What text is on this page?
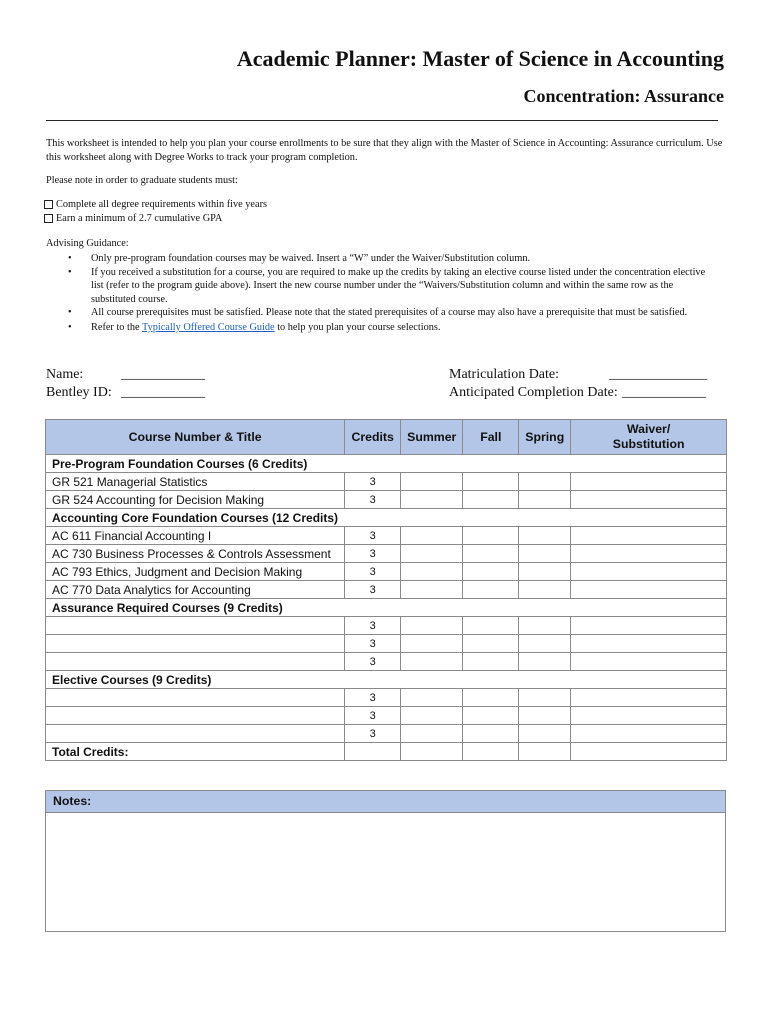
Academic Planner: Master of Science in Accounting
Concentration: Assurance
This worksheet is intended to help you plan your course enrollments to be sure that they align with the Master of Science in Accounting: Assurance curriculum. Use this worksheet along with Degree Works to track your program completion.
Please note in order to graduate students must:
Complete all degree requirements within five years
Earn a minimum of 2.7 cumulative GPA
Advising Guidance:
• Only pre-program foundation courses may be waived. Insert a “W” under the Waiver/Substitution column.
• If you received a substitution for a course, you are required to make up the credits by taking an elective course listed under the concentration elective list (refer to the program guide above). Insert the new course number under the “Waivers/Substitution column and within the same row as the substituted course.
• All course prerequisites must be satisfied. Please note that the stated prerequisites of a course may also have a prerequisite that must be satisfied.
• Refer to the Typically Offered Course Guide to help you plan your course selections.
Name:	____________
Bentley ID: ____________
Matriculation Date:	______________
Anticipated Completion Date: ____________
Course Number & Title	Credits	Summer	Fall	Spring	Waiver/
Substitution
Pre-Program Foundation Courses (6 Credits)					
GR 521 Managerial Statistics	3				
GR 524 Accounting for Decision Making	3				
Accounting Core Foundation Courses (12 Credits)					
AC 611 Financial Accounting I	3				
AC 730 Business Processes & Controls Assessment	3				
AC 793 Ethics, Judgment and Decision Making	3				
AC 770 Data Analytics for Accounting	3				
Assurance Required Courses (9 Credits)					
	3				
	3				
	3				
Elective Courses (9 Credits)					
	3				
	3				
	3				
Total Credits:					
Notes:
